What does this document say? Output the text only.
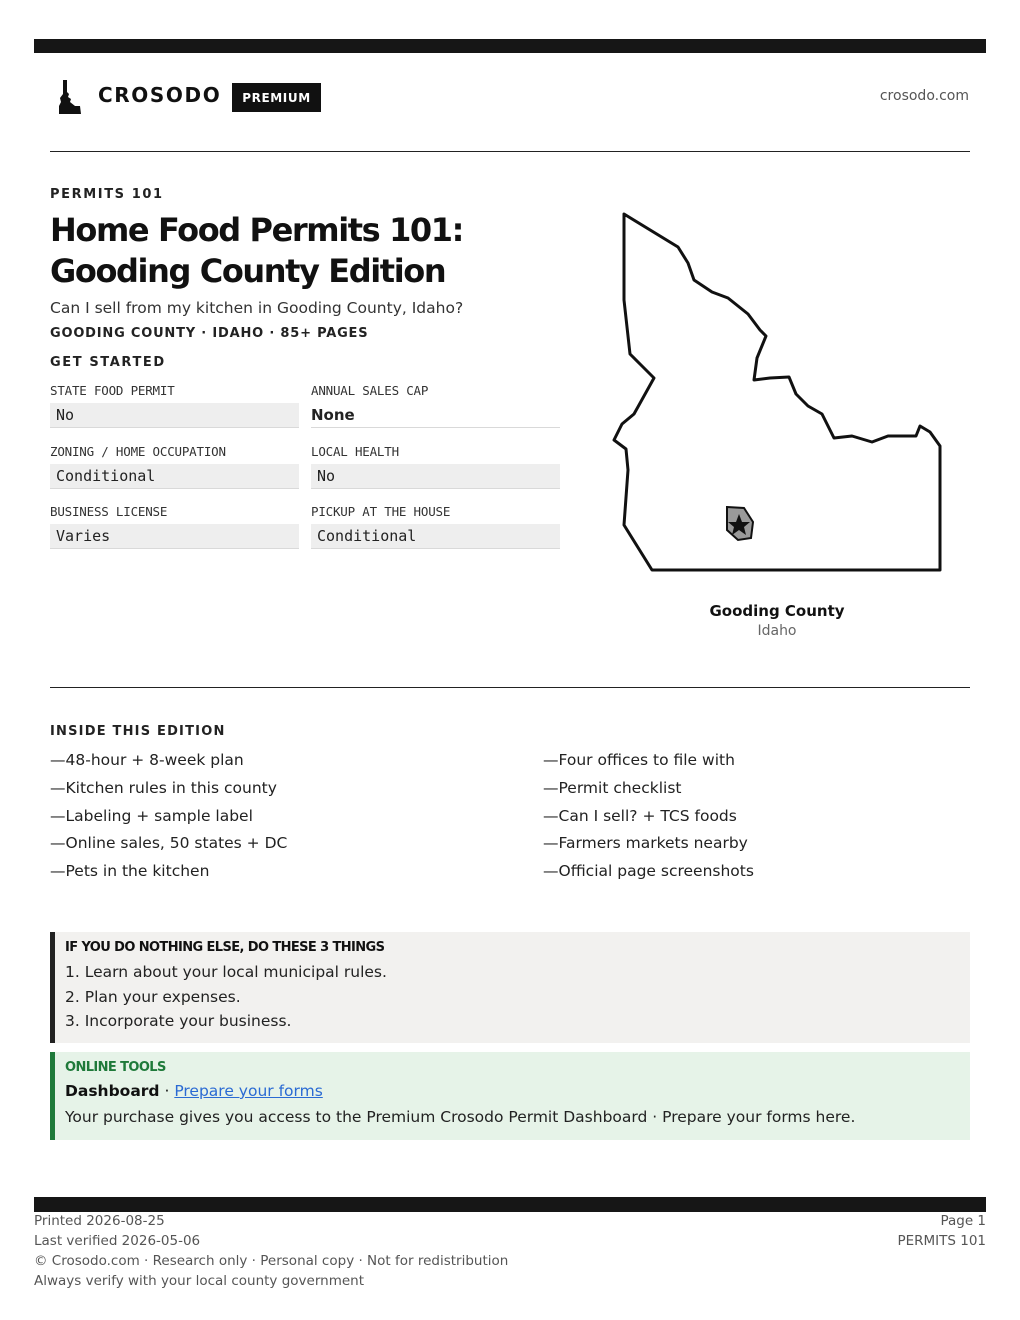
CROSODO	PREMIUM	crosodo.com
PERMITS 101
Home Food Permits 101:
Gooding County Edition
Can I sell from my kitchen in Gooding County, Idaho?
GOODING COUNTY · IDAHO · 85+ PAGES
GET STARTED
STATE FOOD PERMIT
No
ANNUAL SALES CAP
None
ZONING / HOME OCCUPATION
Conditional
LOCAL HEALTH
No
BUSINESS LICENSE
Varies
PICKUP AT THE HOUSE
Conditional
Gooding County
Idaho
INSIDE THIS EDITION
—48-hour + 8-week plan
—Kitchen rules in this county
—Labeling + sample label
—Online sales, 50 states + DC
—Pets in the kitchen
—Four offices to file with
—Permit checklist
—Can I sell? + TCS foods
—Farmers markets nearby
—Official page screenshots
IF YOU DO NOTHING ELSE, DO THESE 3 THINGS
1. Learn about your local municipal rules.
2. Plan your expenses.
3. Incorporate your business.
ONLINE TOOLS
Dashboard · Prepare your forms
Your purchase gives you access to the Premium Crosodo Permit Dashboard · Prepare your forms here.
Printed 2026-08-25
Last verified 2026-05-06
© Crosodo.com · Research only · Personal copy · Not for redistribution
Always verify with your local county government
Page 1
PERMITS 101
